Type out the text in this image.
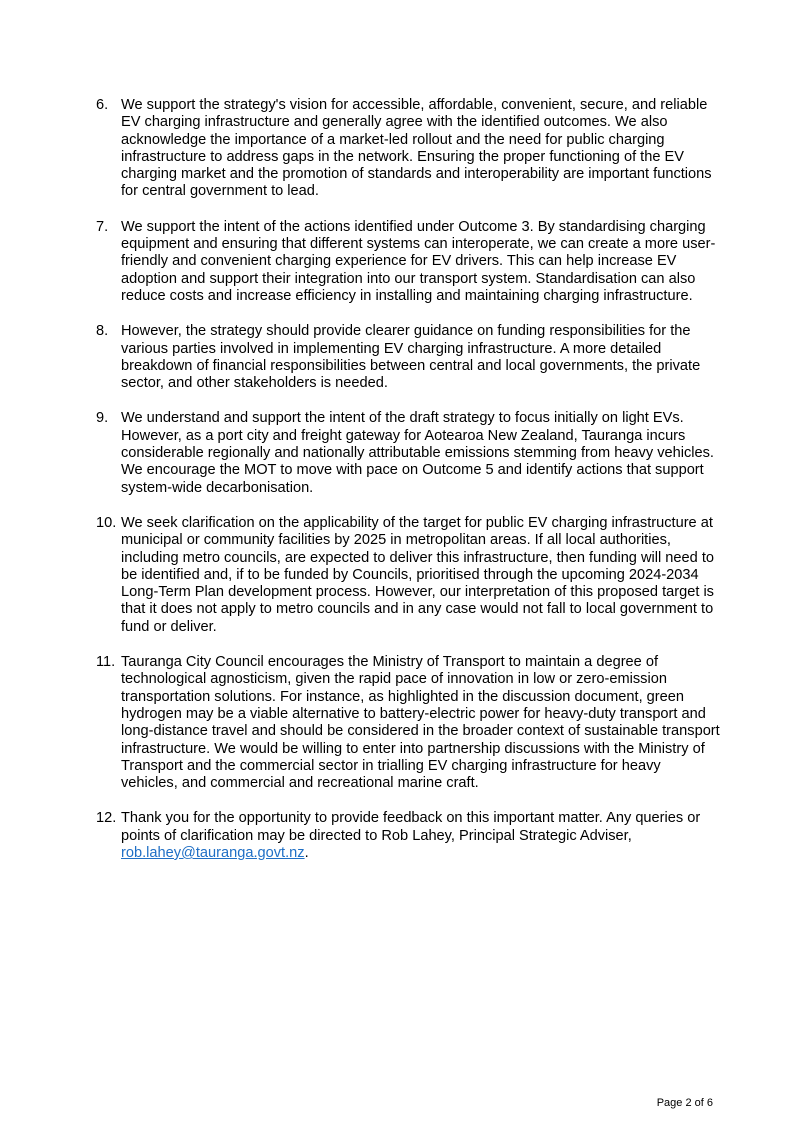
6. We support the strategy's vision for accessible, affordable, convenient, secure, and reliable EV charging infrastructure and generally agree with the identified outcomes. We also acknowledge the importance of a market-led rollout and the need for public charging infrastructure to address gaps in the network. Ensuring the proper functioning of the EV charging market and the promotion of standards and interoperability are important functions for central government to lead.
7. We support the intent of the actions identified under Outcome 3. By standardising charging equipment and ensuring that different systems can interoperate, we can create a more user-friendly and convenient charging experience for EV drivers. This can help increase EV adoption and support their integration into our transport system. Standardisation can also reduce costs and increase efficiency in installing and maintaining charging infrastructure.
8. However, the strategy should provide clearer guidance on funding responsibilities for the various parties involved in implementing EV charging infrastructure. A more detailed breakdown of financial responsibilities between central and local governments, the private sector, and other stakeholders is needed.
9. We understand and support the intent of the draft strategy to focus initially on light EVs. However, as a port city and freight gateway for Aotearoa New Zealand, Tauranga incurs considerable regionally and nationally attributable emissions stemming from heavy vehicles. We encourage the MOT to move with pace on Outcome 5 and identify actions that support system-wide decarbonisation.
10. We seek clarification on the applicability of the target for public EV charging infrastructure at municipal or community facilities by 2025 in metropolitan areas. If all local authorities, including metro councils, are expected to deliver this infrastructure, then funding will need to be identified and, if to be funded by Councils, prioritised through the upcoming 2024-2034 Long-Term Plan development process. However, our interpretation of this proposed target is that it does not apply to metro councils and in any case would not fall to local government to fund or deliver.
11. Tauranga City Council encourages the Ministry of Transport to maintain a degree of technological agnosticism, given the rapid pace of innovation in low or zero-emission transportation solutions. For instance, as highlighted in the discussion document, green hydrogen may be a viable alternative to battery-electric power for heavy-duty transport and long-distance travel and should be considered in the broader context of sustainable transport infrastructure. We would be willing to enter into partnership discussions with the Ministry of Transport and the commercial sector in trialling EV charging infrastructure for heavy vehicles, and commercial and recreational marine craft.
12. Thank you for the opportunity to provide feedback on this important matter. Any queries or points of clarification may be directed to Rob Lahey, Principal Strategic Adviser,
rob.lahey@tauranga.govt.nz.
Page 2 of 6
